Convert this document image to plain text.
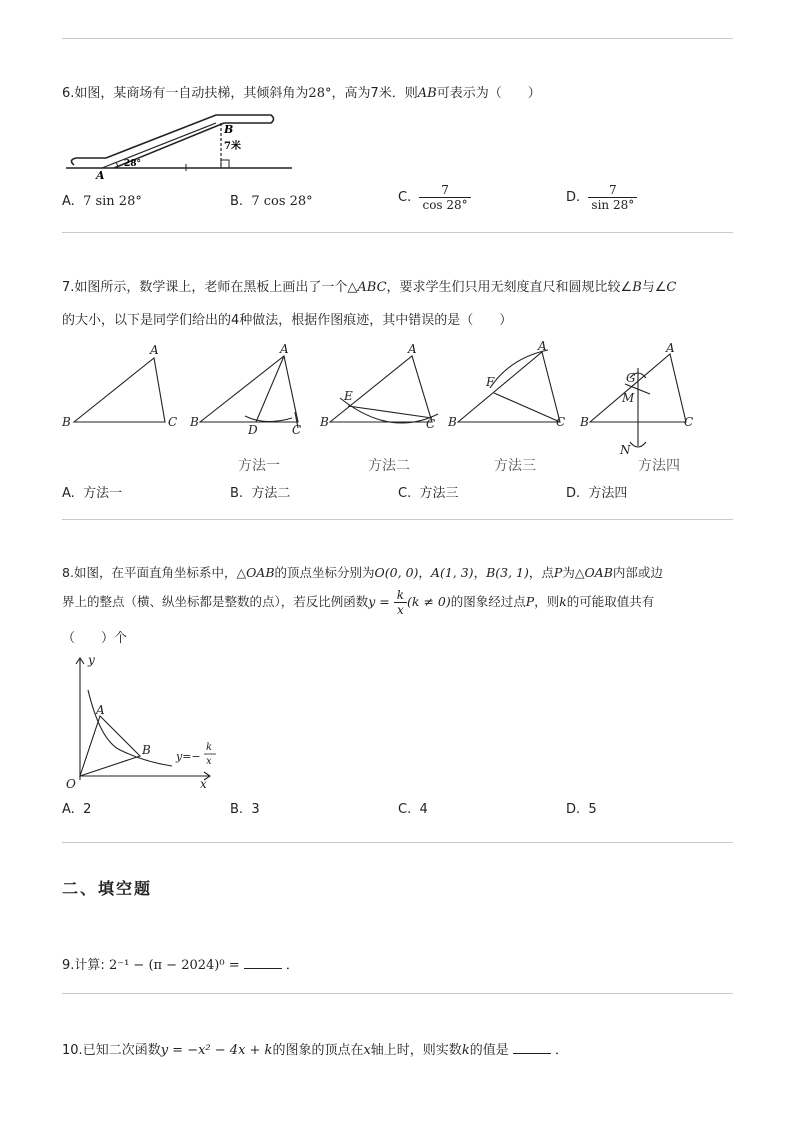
6.如图，某商场有一自动扶梯，其倾斜角为28°，高为7米．则AB可表示为（　　）
A
B
7米
28°
A. 7 sin 28°	B. 7 cos 28°	C. $\frac{7}{\cos 28^\circ}$	D. $\frac{7}{\sin 28^\circ}$
7.如图所示，数学课上，老师在黑板上画出了一个△ABC，要求学生们只用无刻度直尺和圆规比较∠B与∠C
的大小，以下是同学们给出的4种做法，根据作图痕迹，其中错误的是（　　）
A
B	C
A
B
C
D
A
B	C
E
A
B	C
F
A
B	C
G
M
N
方法一	方法二	方法三	方法四
A. 方法一	B. 方法二	C. 方法三	D. 方法四
8.如图，在平面直角坐标系中，△OAB的顶点坐标分别为O(0, 0)，A(1, 3)，B(3, 1)，点P为△OAB内部或边
界上的整点（横、纵坐标都是整数的点），若反比例函数$y = \frac{k}{x} (k \ne 0)$的图象经过点P，则k的可能取值共有
（　　）个
y
x
O
A
B y=−
k
x
A. 2	B. 3	C. 4	D. 5
二、填空题
9.计算: 2⁻¹ − (π − 2024)⁰ =	．
10.已知二次函数y = −x² − 4x + k的图象的顶点在x轴上时，则实数k的值是	．
